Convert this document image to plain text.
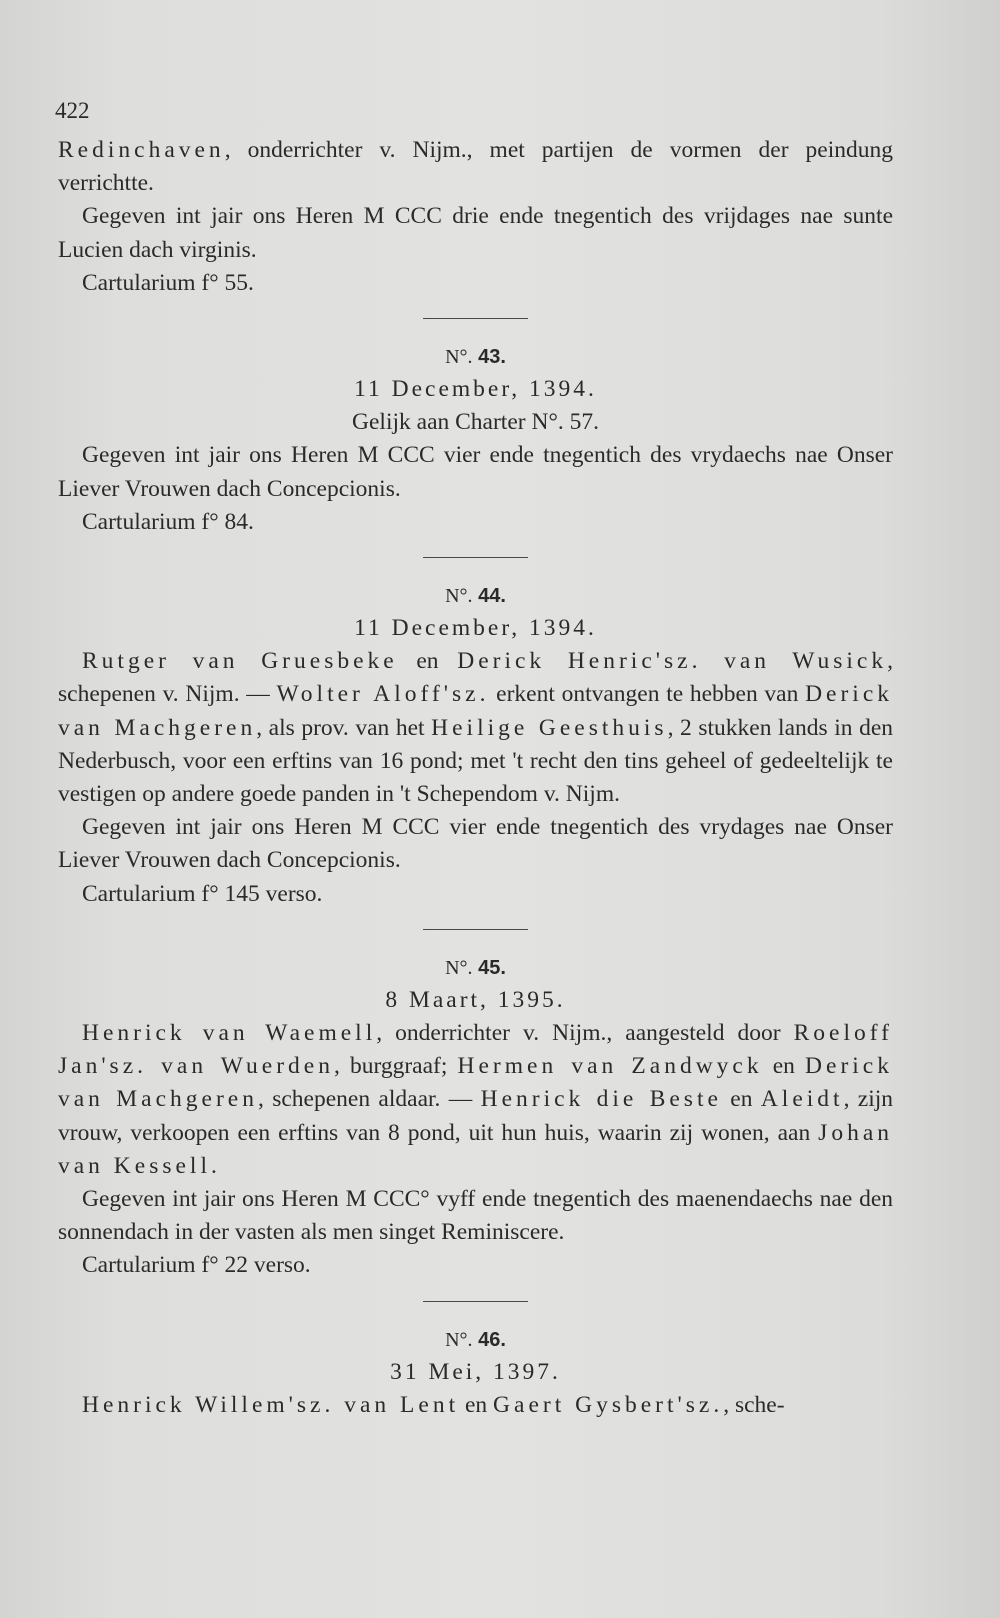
422

Redinchaven, onderrichter v. Nijm., met partijen de vormen der peindung verrichtte.

Gegeven int jair ons Heren M CCC drie ende tnegentich des vrijdages nae sunte Lucien dach virginis.

Cartularium f° 55.

N°. 43.

11 December, 1394.

Gelijk aan Charter N°. 57.

Gegeven int jair ons Heren M CCC vier ende tnegentich des vrydaechs nae Onser Liever Vrouwen dach Concepcionis.

Cartularium f° 84.

N°. 44.

11 December, 1394.

Rutger van Gruesbeke en Derick Henric'sz. van Wusick, schepenen v. Nijm. — Wolter Aloff'sz. erkent ontvangen te hebben van Derick van Machgeren, als prov. van het Heilige Geesthuis, 2 stukken lands in den Nederbusch, voor een erftins van 16 pond; met 't recht den tins geheel of gedeeltelijk te vestigen op andere goede panden in 't Schependom v. Nijm.

Gegeven int jair ons Heren M CCC vier ende tnegentich des vrydages nae Onser Liever Vrouwen dach Concepcionis.

Cartularium f° 145 verso.

N°. 45.

8 Maart, 1395.

Henrick van Waemell, onderrichter v. Nijm., aangesteld door Roeloff Jan'sz. van Wuerden, burggraaf; Hermen van Zandwyck en Derick van Machgeren, schepenen aldaar. — Henrick die Beste en Aleidt, zijn vrouw, verkoopen een erftins van 8 pond, uit hun huis, waarin zij wonen, aan Johan van Kessell.

Gegeven int jair ons Heren M CCC° vyff ende tnegentich des maenendaechs nae den sonnendach in der vasten als men singet Reminiscere.

Cartularium f° 22 verso.

N°. 46.

31 Mei, 1397.

Henrick Willem'sz. van Lent en Gaert Gysbert'sz., sche-
